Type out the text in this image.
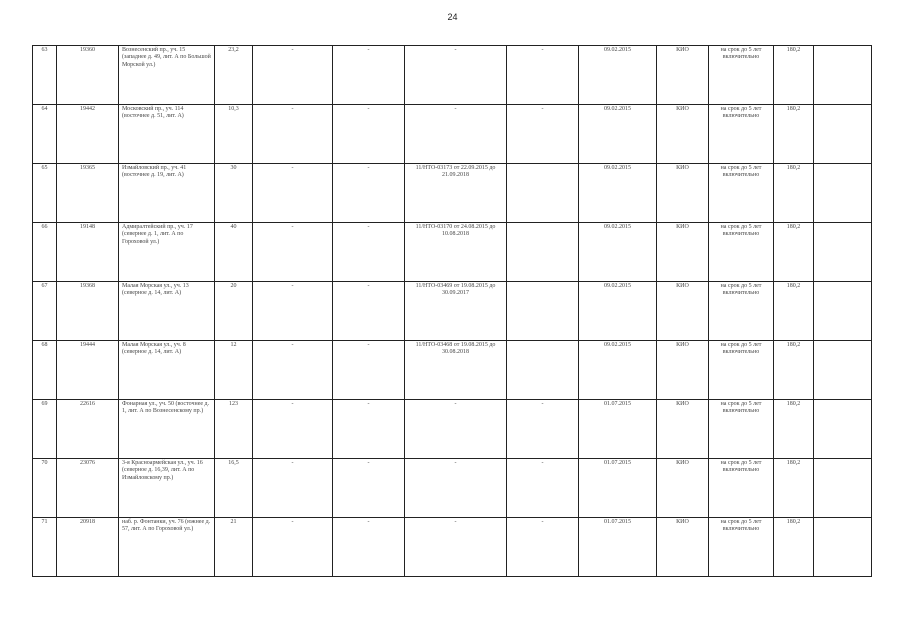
24
63	19360	Вознесенский пр., уч. 15 (западнее д. 49, лит. А по Большой Морской ул.)	23,2	-	-	-	-	09.02.2015	КИО	на срок до 5 лет включительно	180,2	
64	19442	Московский пр., уч. 114 (восточнее д. 51, лит. А)	10,3	-	-	-	-	09.02.2015	КИО	на срок до 5 лет включительно	180,2	
65	19365	Измайловский пр., уч. 41 (восточнее д. 19, лит. А)	30	-	-	11/НТО-03173 от 22.09.2015 до 21.09.2018		09.02.2015	КИО	на срок до 5 лет включительно	180,2	
66	19148	Адмиралтейский пр., уч. 17 (севернее д. 1, лит. А по Гороховой ул.)	40	-	-	11/НТО-03170 от 24.08.2015 до 10.08.2018		09.02.2015	КИО	на срок до 5 лет включительно	180,2	
67	19368	Малая Морская ул., уч. 13 (северное д. 14, лит. А)	20	-	-	11/НТО-03469 от 19.08.2015 до 30.09.2017		09.02.2015	КИО	на срок до 5 лет включительно	180,2	
68	19444	Малая Морская ул., уч. 8 (северное д. 14, лит. А)	12	-	-	11/НТО-03468 от 19.08.2015 до 30.08.2018		09.02.2015	КИО	на срок до 5 лет включительно	180,2	
69	22616	Фонарная ул., уч. 50 (восточнее д. 1, лит. А по Вознесенскому пр.)	123	-	-	-	-	01.07.2015	КИО	на срок до 5 лет включительно	180,2	
70	23076	3-я Красноармейская ул., уч. 16 (северное д. 16,39, лит. А по Измайловскому пр.)	16,5	-	-	-	-	01.07.2015	КИО	на срок до 5 лет включительно	180,2	
71	20918	наб. р. Фонтанки, уч. 76 (южнее д. 57, лит. А по Гороховой ул.)	21	-	-	-	-	01.07.2015	КИО	на срок до 5 лет включительно	180,2	
